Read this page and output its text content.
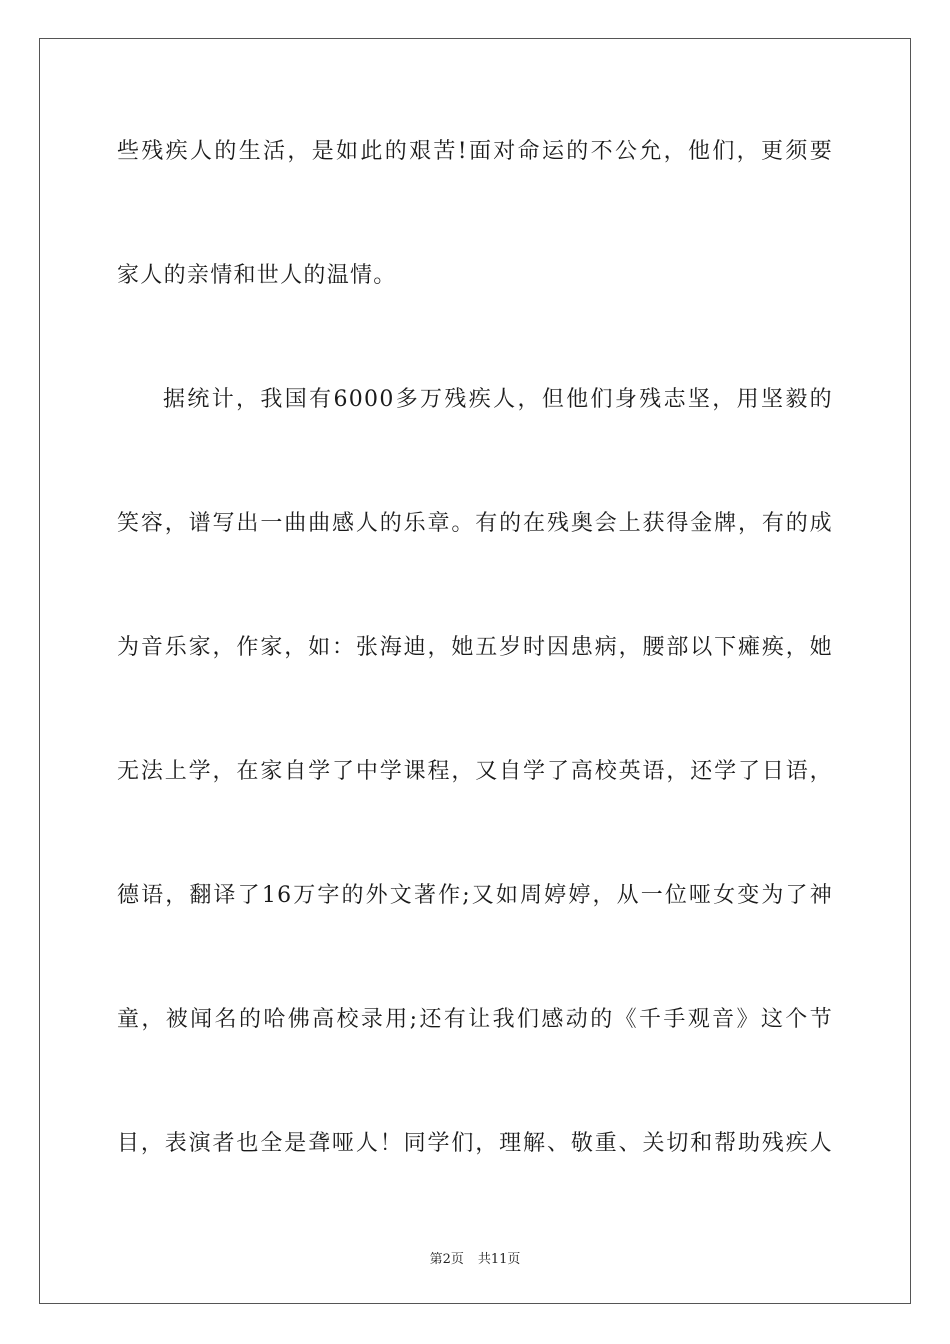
些残疾人的生活，是如此的艰苦!面对命运的不公允，他们，更须要
家人的亲情和世人的温情。
据统计，我国有6000多万残疾人，但他们身残志坚，用坚毅的
笑容，谱写出一曲曲感人的乐章。有的在残奥会上获得金牌，有的成
为音乐家，作家，如：张海迪，她五岁时因患病，腰部以下瘫痪，她
无法上学，在家自学了中学课程，又自学了高校英语，还学了日语，
德语，翻译了16万字的外文著作;又如周婷婷，从一位哑女变为了神
童，被闻名的哈佛高校录用;还有让我们感动的《千手观音》这个节
目，表演者也全是聋哑人！同学们，理解、敬重、关切和帮助残疾人
第2页 共11页
